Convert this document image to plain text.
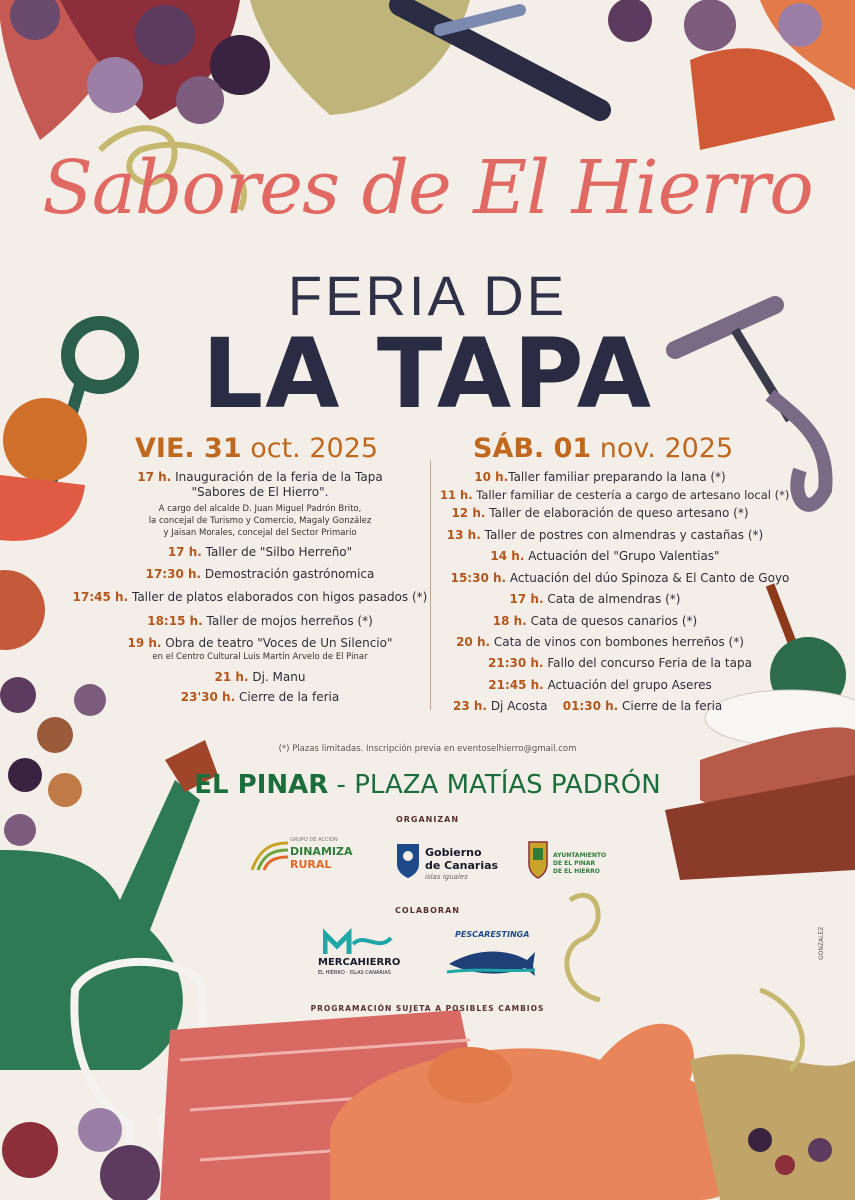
Sabores de El Hierro
FERIA DE
LA TAPA
VIE. 31 oct. 2025
17 h. Inauguración de la feria de la Tapa
"Sabores de El Hierro".
A cargo del alcalde D. Juan Miguel Padrón Brito,
la concejal de Turismo y Comercio, Magaly González
y Jaisan Morales, concejal del Sector Primario
17 h. Taller de "Silbo Herreño"
17:30 h. Demostración gastrónomica
17:45 h. Taller de platos elaborados con higos pasados (*)
18:15 h. Taller de mojos herreños (*)
19 h. Obra de teatro "Voces de Un Silencio"
en el Centro Cultural Luis Martín Arvelo de El Pinar
21 h. Dj. Manu
23'30 h. Cierre de la feria
SÁB. 01 nov. 2025
10 h.Taller familiar preparando la lana (*)
11 h. Taller familiar de cestería a cargo de artesano local (*)
12 h. Taller de elaboración de queso artesano (*)
13 h. Taller de postres con almendras y castañas (*)
14 h. Actuación del "Grupo Valentias"
15:30 h. Actuación del dúo Spinoza & El Canto de Goyo
17 h. Cata de almendras (*)
18 h. Cata de quesos canarios (*)
20 h. Cata de vinos con bombones herreños (*)
21:30 h. Fallo del concurso Feria de la tapa
21:45 h. Actuación del grupo Aseres
23 h. Dj Acosta 01:30 h. Cierre de la feria
(*) Plazas limitadas. Inscripción previa en eventoselhierro@gmail.com
EL PINAR - PLAZA MATÍAS PADRÓN
ORGANIZAN
GRUPO DE ACCIÓN
DINAMIZA
RURAL
Gobierno
de Canarias
islas iguales
AYUNTAMIENTO
DE EL PINAR
DE EL HIERRO
COLABORAN
MERCAHIERRO
EL HIERRO · ISLAS CANARIAS
PESCARESTINGA
PROGRAMACIÓN SUJETA A POSIBLES CAMBIOS
GONZALEZ
